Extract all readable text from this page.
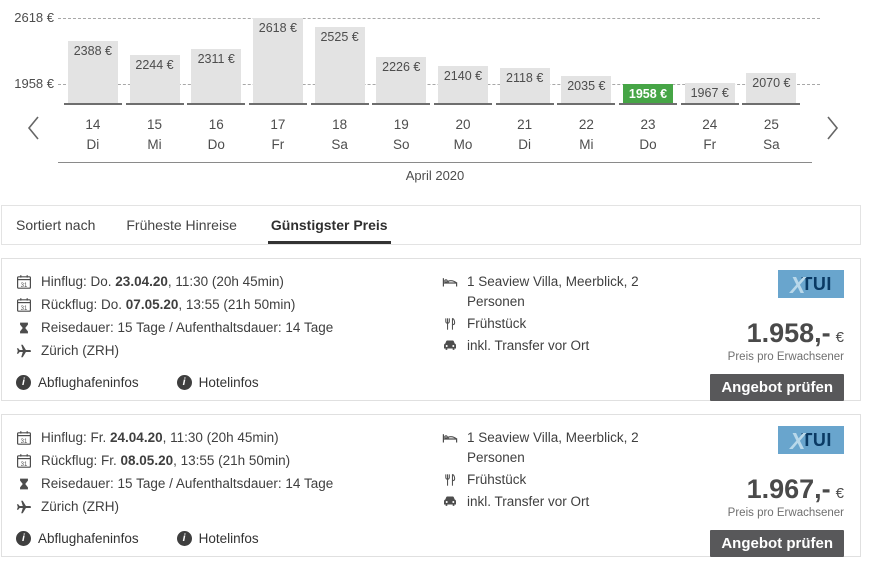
2618 €
1958 €
2388 €
14
Di
2244 €
15
Mi
2311 €
16
Do
2618 €
17
Fr
2525 €
18
Sa
2226 €
19
So
2140 €
20
Mo
2118 €
21
Di
2035 €
22
Mi
1958 €
23
Do
1967 €
24
Fr
2070 €
25
Sa
April 2020
Sortiert nach Früheste Hinreise Günstigster Preis
31 Hinflug: Do. 23.04.20, 11:30 (20h 45min)
31 Rückflug: Do. 07.05.20, 13:55 (21h 50min)
Reisedauer: 15 Tage / Aufenthaltsdauer: 14 Tage
Zürich (ZRH)
i Abflughafeninfos	i Hotelinfos
1 Seaview Villa, Meerblick, 2 Personen
Frühstück
inkl. Transfer vor Ort
X
TUI
1.958,- €
Preis pro Erwachsener
Angebot prüfen
31 Hinflug: Fr. 24.04.20, 11:30 (20h 45min)
31 Rückflug: Fr. 08.05.20, 13:55 (21h 50min)
Reisedauer: 15 Tage / Aufenthaltsdauer: 14 Tage
Zürich (ZRH)
i Abflughafeninfos	i Hotelinfos
1 Seaview Villa, Meerblick, 2 Personen
Frühstück
inkl. Transfer vor Ort
X
TUI
1.967,- €
Preis pro Erwachsener
Angebot prüfen
